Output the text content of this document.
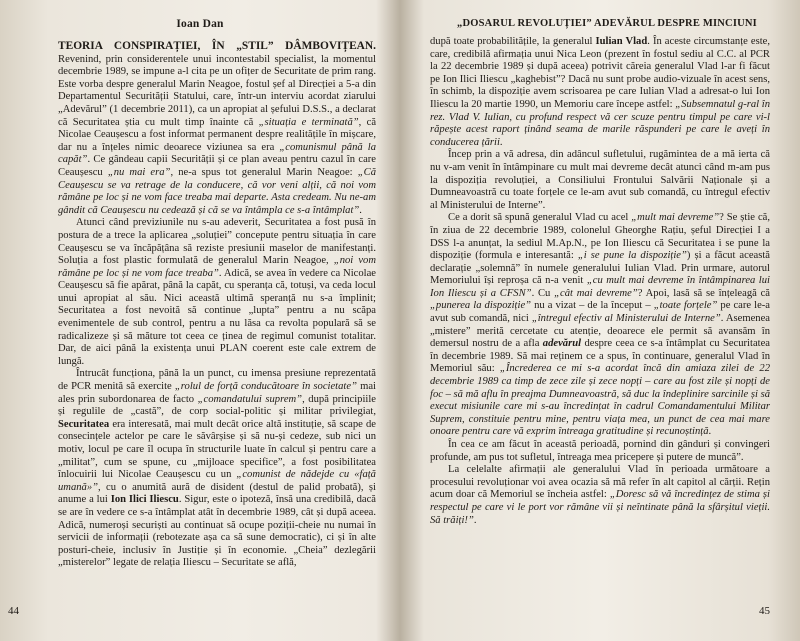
Ioan Dan

TEORIA CONSPIRAȚIEI, ÎN „STIL” DÂMBOVIȚEAN. Revenind, prin considerentele unui incontestabil specialist, la momentul decembrie 1989, se impune a-l cita pe un ofițer de Securitate de prim rang. Este vorba despre generalul Marin Neagoe, fostul șef al Direcției a 5-a din Departamentul Securității Statului, care, într-un interviu acordat ziarului „Adevărul” (1 decembrie 2011), ca un apropiat al șefului D.S.S., a declarat că Securitatea știa cu mult timp înainte că „situația e terminată”, că Nicolae Ceaușescu a fost informat permanent despre realitățile în mișcare, dar nu a înțeles nimic deoarece viziunea sa era „comunismul până la capăt”. Ce gândeau capii Securității și ce plan aveau pentru cazul în care Ceaușescu „nu mai era”, ne-a spus tot generalul Marin Neagoe: „Că Ceaușescu se va retrage de la conducere, că vor veni alții, că noi vom rămâne pe loc și ne vom face treaba mai departe. Asta credeam. Nu ne-am gândit că Ceaușescu nu cedează și că se va întâmpla ce s-a întâmplat”.

Atunci când previziunile nu s-au adeverit, Securitatea a fost pusă în postura de a trece la aplicarea „soluției” concepute pentru situația în care Ceaușescu se va încăpățâna să reziste presiunii maselor de manifestanți. Soluția a fost plastic formulată de generalul Marin Neagoe, „noi vom rămâne pe loc și ne vom face treaba”. Adică, se avea în vedere ca Nicolae Ceaușescu să fie apărat, până la capăt, cu speranța că, totuși, va ceda locul unui apropiat al său. Nici această ultimă speranță nu s-a împlinit; Securitatea a fost nevoită să continue „lupta” pentru a nu scăpa evenimentele de sub control, pentru a nu lăsa ca revolta populară să se radicalizeze și să măture tot ceea ce ținea de regimul comunist totalitar. Dar, de aici până la existența unui PLAN coerent este cale extrem de lungă.

Întrucât funcționa, până la un punct, cu imensa presiune reprezentată de PCR menită să exercite „rolul de forță conducătoare în societate” mai ales prin subordonarea de facto „comandatului suprem”, după principiile și regulile de „castă”, de corp social-politic și militar privilegiat, Securitatea era interesată, mai mult decât orice altă instituție, să scape de consecințele actelor pe care le săvârșise și să nu-și cedeze, sub nici un motiv, locul pe care îl ocupa în structurile luate în calcul și pentru care a „militat”, cum se spune, cu „mijloace specifice”, a fost posibilitatea înlocuirii lui Nicolae Ceaușescu cu un „comunist de nădejde cu «față umană»”, cu o anumită aură de disident (destul de palid probată), și anume a lui Ion Ilici Iliescu. Sigur, este o ipoteză, însă una credibilă, dacă se are în vedere ce s-a întâmplat atât în decembrie 1989, cât și după aceea. Adică, numeroși securiști au continuat să ocupe poziții-cheie nu numai în servicii de informații (rebotezate așa ca să sune democratic), ci și în alte posturi-cheie, inclusiv în Justiție și în economie. „Cheia” dezlegării „misterelor” legate de relația Iliescu – Securitate se află,

44
„DOSARUL REVOLUȚIEI” ADEVĂRUL DESPRE MINCIUNI

după toate probabilitățile, la generalul Iulian Vlad. În aceste circumstanțe este, care, credibilă afirmația unui Nica Leon (prezent în fostul sediu al C.C. al PCR la 22 decembrie 1989 și după aceea) potrivit căreia generalul Vlad l-ar fi făcut pe Ion Ilici Iliescu „kaghebist”? Dacă nu sunt probe audio-vizuale în acest sens, în schimb, la dispoziție avem scrisoarea pe care Iulian Vlad a adresat-o lui Ion Iliescu la 20 martie 1990, un Memoriu care începe astfel: „Subsemnatul g-ral în rez. Vlad V. Iulian, cu profund respect vă cer scuze pentru timpul pe care vi-l răpește acest raport ținând seama de marile răspunderi pe care le aveți în conducerea țării.

Încep prin a vă adresa, din adâncul sufletului, rugămintea de a mă ierta că nu v-am venit în întâmpinare cu mult mai devreme decât atunci când m-am pus la dispoziția revoluției, a Consiliului Frontului Salvării Naționale și a Dumneavoastră cu toate forțele ce le-am avut sub comandă, cu întregul efectiv al Ministerului de Interne”.

Ce a dorit să spună generalul Vlad cu acel „mult mai devreme”? Se știe că, în ziua de 22 decembrie 1989, colonelul Gheorghe Rațiu, șeful Direcției I a DSS l-a anunțat, la sediul M.Ap.N., pe Ion Iliescu că Securitatea i se pune la dispoziție (formula e interesantă: „i se pune la dispoziție”) și a făcut această declarație „solemnă” în numele generalului Iulian Vlad. Prin urmare, autorul Memoriului își reproșa că n-a venit „cu mult mai devreme în întâmpinarea lui Ion Iliescu și a CFSN”. Cu „cât mai devreme”? Apoi, lasă să se înțeleagă că „punerea la dispoziție” nu a vizat – de la început – „toate forțele” pe care le-a avut sub comandă, nici „întregul efectiv al Ministerului de Interne”. Asemenea „mistere” merită cercetate cu atenție, deoarece ele permit să avansăm în demersul nostru de a afla adevărul despre ceea ce s-a întâmplat cu Securitatea în decembrie 1989. Să mai reținem ce a spus, în continuare, generalul Vlad în Memoriul său: „Încrederea ce mi s-a acordat încă din amiaza zilei de 22 decembrie 1989 ca timp de zece zile și zece nopți – care au fost zile și nopți de foc – să mă aflu în preajma Dumneavoastră, să duc la îndeplinire sarcinile și să execut misiunile care mi s-au încredințat în cadrul Comandamentului Militar Suprem, constituie pentru mine, pentru viața mea, un punct de cea mai mare onoare pentru care vă exprim întreaga gratitudine și recunoștință.

În cea ce am făcut în această perioadă, pornind din gânduri și convingeri profunde, am pus tot sufletul, întreaga mea pricepere și putere de muncă”.

La celelalte afirmații ale generalului Vlad în perioada următoare a procesului revoluționar voi avea ocazia să mă refer în alt capitol al cărții. Rețin acum doar că Memoriul se încheia astfel: „Doresc să vă încredințez de stima și respectul pe care vi le port vor rămâne vii și neîntinate până la sfârșitul vieții. Să trăiți!”.

45
